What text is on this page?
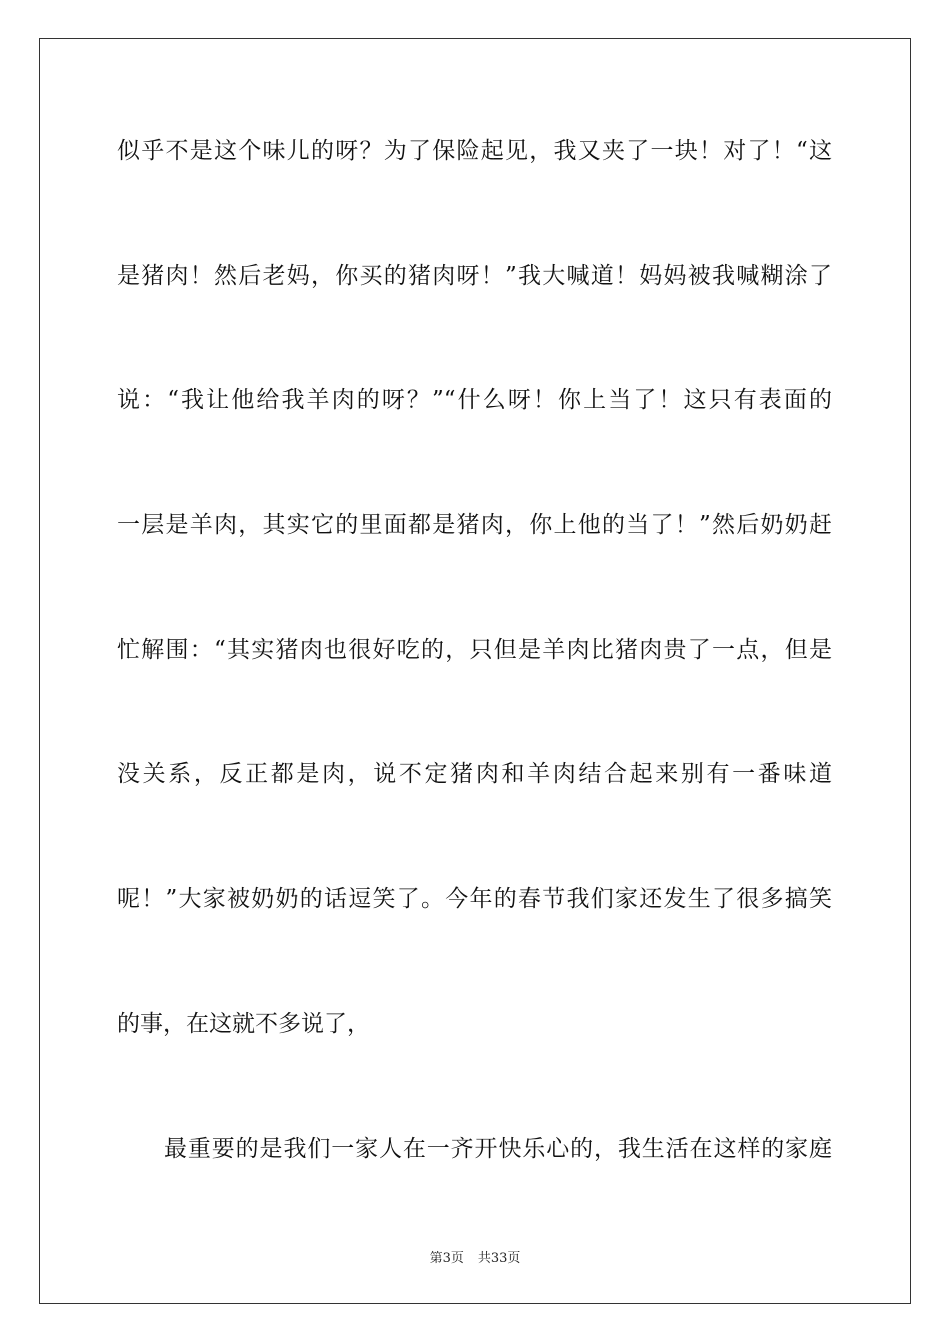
似乎不是这个味儿的呀？为了保险起见，我又夹了一块！对了！“这
是猪肉！然后老妈，你买的猪肉呀！”我大喊道！妈妈被我喊糊涂了
说：“我让他给我羊肉的呀？”“什么呀！你上当了！这只有表面的
一层是羊肉，其实它的里面都是猪肉，你上他的当了！”然后奶奶赶
忙解围：“其实猪肉也很好吃的，只但是羊肉比猪肉贵了一点，但是
没关系，反正都是肉，说不定猪肉和羊肉结合起来别有一番味道
呢！”大家被奶奶的话逗笑了。今年的春节我们家还发生了很多搞笑
的事，在这就不多说了，
最重要的是我们一家人在一齐开快乐心的，我生活在这样的家庭
第3页 共33页
